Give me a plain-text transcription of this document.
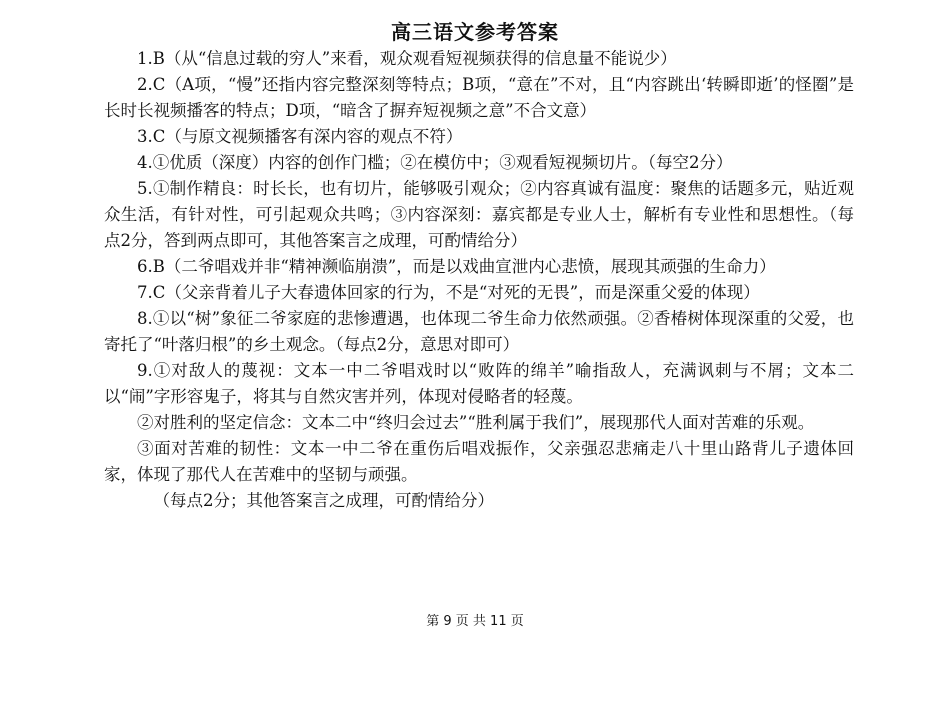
高三语文参考答案

1.B（从“信息过载的穷人”来看，观众观看短视频获得的信息量不能说少）

2.C（A项，“慢”还指内容完整深刻等特点；B项，“意在”不对，且“内容跳出‘转瞬即逝’的怪圈”是长时长视频播客的特点；D项，“暗含了摒弃短视频之意”不合文意）

3.C（与原文视频播客有深内容的观点不符）

4.①优质（深度）内容的创作门槛；②在模仿中；③观看短视频切片。（每空2分）

5.①制作精良：时长长，也有切片，能够吸引观众；②内容真诚有温度：聚焦的话题多元，贴近观众生活，有针对性，可引起观众共鸣；③内容深刻：嘉宾都是专业人士，解析有专业性和思想性。（每点2分，答到两点即可，其他答案言之成理，可酌情给分）

6.B（二爷唱戏并非“精神濒临崩溃”，而是以戏曲宣泄内心悲愤，展现其顽强的生命力）

7.C（父亲背着儿子大春遗体回家的行为，不是“对死的无畏”，而是深重父爱的体现）

8.①以“树”象征二爷家庭的悲惨遭遇，也体现二爷生命力依然顽强。②香椿树体现深重的父爱，也寄托了“叶落归根”的乡土观念。（每点2分，意思对即可）

9.①对敌人的蔑视：文本一中二爷唱戏时以“败阵的绵羊”喻指敌人，充满讽刺与不屑；文本二以“闹”字形容鬼子，将其与自然灾害并列，体现对侵略者的轻蔑。

②对胜利的坚定信念：文本二中“终归会过去”“胜利属于我们”，展现那代人面对苦难的乐观。

③面对苦难的韧性：文本一中二爷在重伤后唱戏振作，父亲强忍悲痛走八十里山路背儿子遗体回家，体现了那代人在苦难中的坚韧与顽强。

（每点2分；其他答案言之成理，可酌情给分）

第 9 页 共 11 页
